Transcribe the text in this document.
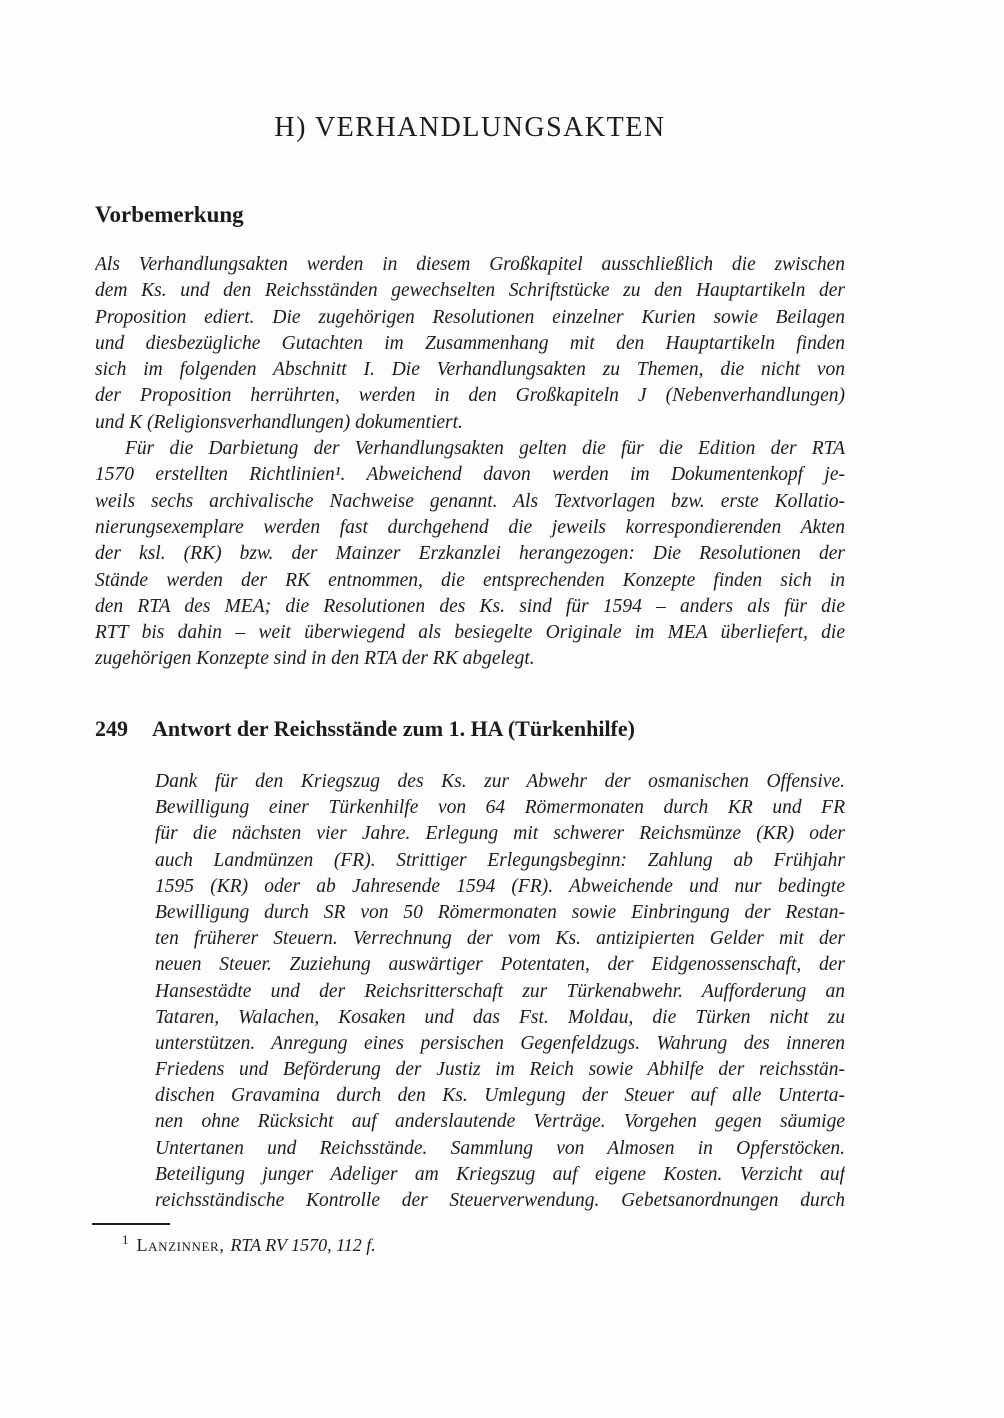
H) VERHANDLUNGSAKTEN
Vorbemerkung
Als Verhandlungsakten werden in diesem Großkapitel ausschließlich die zwischen
dem Ks. und den Reichsständen gewechselten Schriftstücke zu den Hauptartikeln der
Proposition ediert. Die zugehörigen Resolutionen einzelner Kurien sowie Beilagen
und diesbezügliche Gutachten im Zusammenhang mit den Hauptartikeln finden
sich im folgenden Abschnitt I. Die Verhandlungsakten zu Themen, die nicht von
der Proposition herrührten, werden in den Großkapiteln J (Nebenverhandlungen)
und K (Religionsverhandlungen) dokumentiert.
Für die Darbietung der Verhandlungsakten gelten die für die Edition der RTA
1570 erstellten Richtlinien¹. Abweichend davon werden im Dokumentenkopf je-
weils sechs archivalische Nachweise genannt. Als Textvorlagen bzw. erste Kollatio-
nierungsexemplare werden fast durchgehend die jeweils korrespondierenden Akten
der ksl. (RK) bzw. der Mainzer Erzkanzlei herangezogen: Die Resolutionen der
Stände werden der RK entnommen, die entsprechenden Konzepte finden sich in
den RTA des MEA; die Resolutionen des Ks. sind für 1594 – anders als für die
RTT bis dahin – weit überwiegend als besiegelte Originale im MEA überliefert, die
zugehörigen Konzepte sind in den RTA der RK abgelegt.
249	Antwort der Reichsstände zum 1. HA (Türkenhilfe)
Dank für den Kriegszug des Ks. zur Abwehr der osmanischen Offensive.
Bewilligung einer Türkenhilfe von 64 Römermonaten durch KR und FR
für die nächsten vier Jahre. Erlegung mit schwerer Reichsmünze (KR) oder
auch Landmünzen (FR). Strittiger Erlegungsbeginn: Zahlung ab Frühjahr
1595 (KR) oder ab Jahresende 1594 (FR). Abweichende und nur bedingte
Bewilligung durch SR von 50 Römermonaten sowie Einbringung der Restan-
ten früherer Steuern. Verrechnung der vom Ks. antizipierten Gelder mit der
neuen Steuer. Zuziehung auswärtiger Potentaten, der Eidgenossenschaft, der
Hansestädte und der Reichsritterschaft zur Türkenabwehr. Aufforderung an
Tataren, Walachen, Kosaken und das Fst. Moldau, die Türken nicht zu
unterstützen. Anregung eines persischen Gegenfeldzugs. Wahrung des inneren
Friedens und Beförderung der Justiz im Reich sowie Abhilfe der reichsstän-
dischen Gravamina durch den Ks. Umlegung der Steuer auf alle Unterta-
nen ohne Rücksicht auf anderslautende Verträge. Vorgehen gegen säumige
Untertanen und Reichsstände. Sammlung von Almosen in Opferstöcken.
Beteiligung junger Adeliger am Kriegszug auf eigene Kosten. Verzicht auf
reichsständische Kontrolle der Steuerverwendung. Gebetsanordnungen durch
$^1$ Lanzinner, RTA RV 1570, 112 f.
